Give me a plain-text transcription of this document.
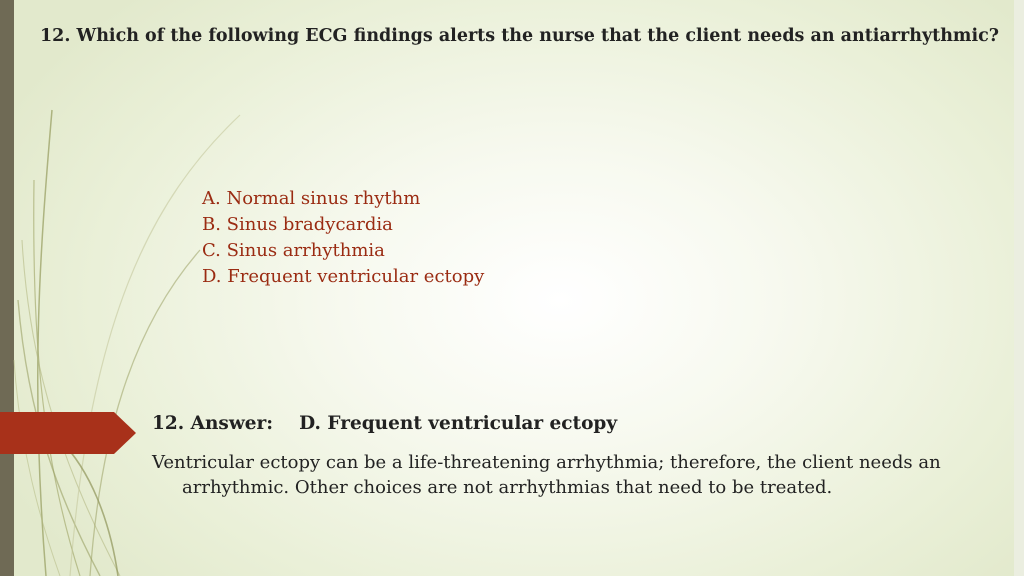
12. Which of the following ECG findings alerts the nurse that the client needs an antiarrhythmic?
A. Normal sinus rhythm
B. Sinus bradycardia
C. Sinus arrhythmia
D. Frequent ventricular ectopy
12. Answer: D. Frequent ventricular ectopy
Ventricular ectopy can be a life-threatening arrhythmia; therefore, the client needs an
arrhythmic. Other choices are not arrhythmias that need to be treated.
